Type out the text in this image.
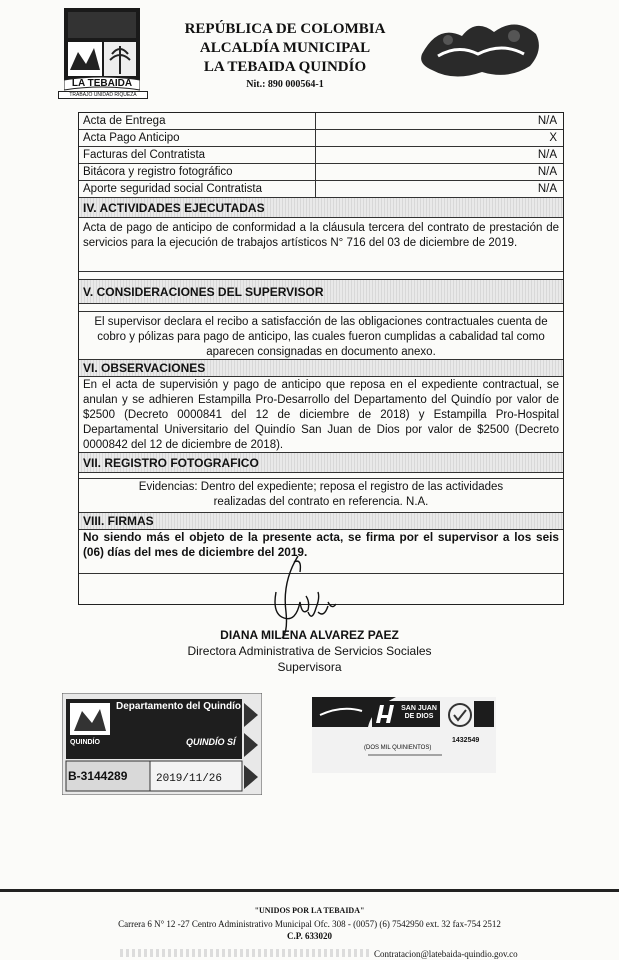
LA TEBAIDA
TRABAJO UNIDAD RIQUEZA
REPÚBLICA DE COLOMBIA
ALCALDÍA MUNICIPAL
LA TEBAIDA QUINDÍO
Nit.: 890 000564-1
Acta de Entrega	N/A
Acta Pago Anticipo	X
Facturas del Contratista	N/A
Bitácora y registro fotográfico	N/A
Aporte seguridad social Contratista	N/A
IV. ACTIVIDADES EJECUTADAS
Acta de pago de anticipo de conformidad a la cláusula tercera del contrato de prestación de servicios para la ejecución de trabajos artísticos N° 716 del 03 de diciembre de 2019.
V. CONSIDERACIONES DEL SUPERVISOR
El supervisor declara el recibo a satisfacción de las obligaciones contractuales cuenta de cobro y pólizas para pago de anticipo, las cuales fueron cumplidas a cabalidad tal como aparecen consignadas en documento anexo.
VI. OBSERVACIONES
En el acta de supervisión y pago de anticipo que reposa en el expediente contractual, se anulan y se adhieren Estampilla Pro-Desarrollo del Departamento del Quindío por valor de $2500 (Decreto 0000841 del 12 de diciembre de 2018) y Estampilla Pro-Hospital Departamental Universitario del Quindío San Juan de Dios por valor de $2500 (Decreto 0000842 del 12 de diciembre de 2018).
VII. REGISTRO FOTOGRAFICO
Evidencias: Dentro del expediente; reposa el registro de las actividades realizadas del contrato en referencia. N.A.
VIII. FIRMAS
No siendo más el objeto de la presente acta, se firma por el supervisor a los seis (06) días del mes de diciembre del 2019.
DIANA MILENA ALVAREZ PAEZ
Directora Administrativa de Servicios Sociales
Supervisora
Departamento del Quindío
QUINDÍO	QUINDÍO SÍ
B-3144289	2019/11/26
SAN JUAN DE DIOS
1432549
(DOS MIL QUINIENTOS)
"UNIDOS POR LA TEBAIDA"
Carrera 6 N° 12 -27 Centro Administrativo Municipal Ofc. 308 - (0057) (6) 7542950 ext. 32 fax-754 2512
C.P. 633020
Contratacion@latebaida-quindio.gov.co
